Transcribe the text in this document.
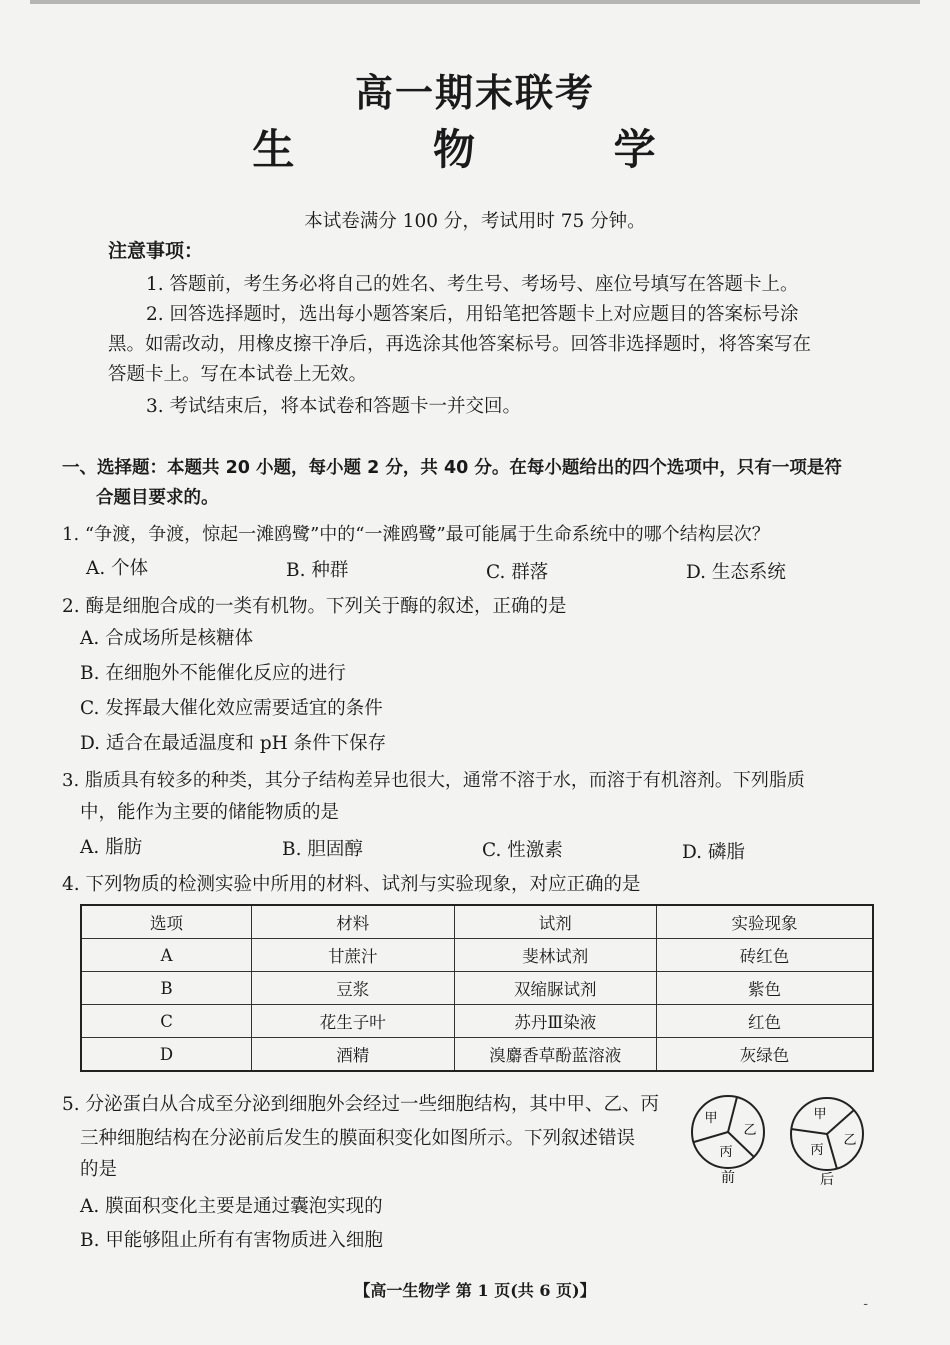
高一期末联考
生 物 学
本试卷满分 100 分，考试用时 75 分钟。
注意事项：
1. 答题前，考生务必将自己的姓名、考生号、考场号、座位号填写在答题卡上。
2. 回答选择题时，选出每小题答案后，用铅笔把答题卡上对应题目的答案标号涂
黑。如需改动，用橡皮擦干净后，再选涂其他答案标号。回答非选择题时，将答案写在
答题卡上。写在本试卷上无效。
3. 考试结束后，将本试卷和答题卡一并交回。
一、选择题：本题共 20 小题，每小题 2 分，共 40 分。在每小题给出的四个选项中，只有一项是符
合题目要求的。
1. “争渡，争渡，惊起一滩鸥鹭”中的“一滩鸥鹭”最可能属于生命系统中的哪个结构层次？
A. 个体	B. 种群	C. 群落	D. 生态系统
2. 酶是细胞合成的一类有机物。下列关于酶的叙述，正确的是
A. 合成场所是核糖体
B. 在细胞外不能催化反应的进行
C. 发挥最大催化效应需要适宜的条件
D. 适合在最适温度和 pH 条件下保存
3. 脂质具有较多的种类，其分子结构差异也很大，通常不溶于水，而溶于有机溶剂。下列脂质
中，能作为主要的储能物质的是
A. 脂肪	B. 胆固醇	C. 性激素	D. 磷脂
4. 下列物质的检测实验中所用的材料、试剂与实验现象，对应正确的是
选项	材料	试剂	实验现象
A	甘蔗汁	斐林试剂	砖红色
B	豆浆	双缩脲试剂	紫色
C	花生子叶	苏丹Ⅲ染液	红色
D	酒精	溴麝香草酚蓝溶液	灰绿色
5. 分泌蛋白从合成至分泌到细胞外会经过一些细胞结构，其中甲、乙、丙
三种细胞结构在分泌前后发生的膜面积变化如图所示。下列叙述错误
的是
A. 膜面积变化主要是通过囊泡实现的
B. 甲能够阻止所有有害物质进入细胞
甲
乙
丙
前
甲
乙
丙
后
【高一生物学 第 1 页(共 6 页)】
-
